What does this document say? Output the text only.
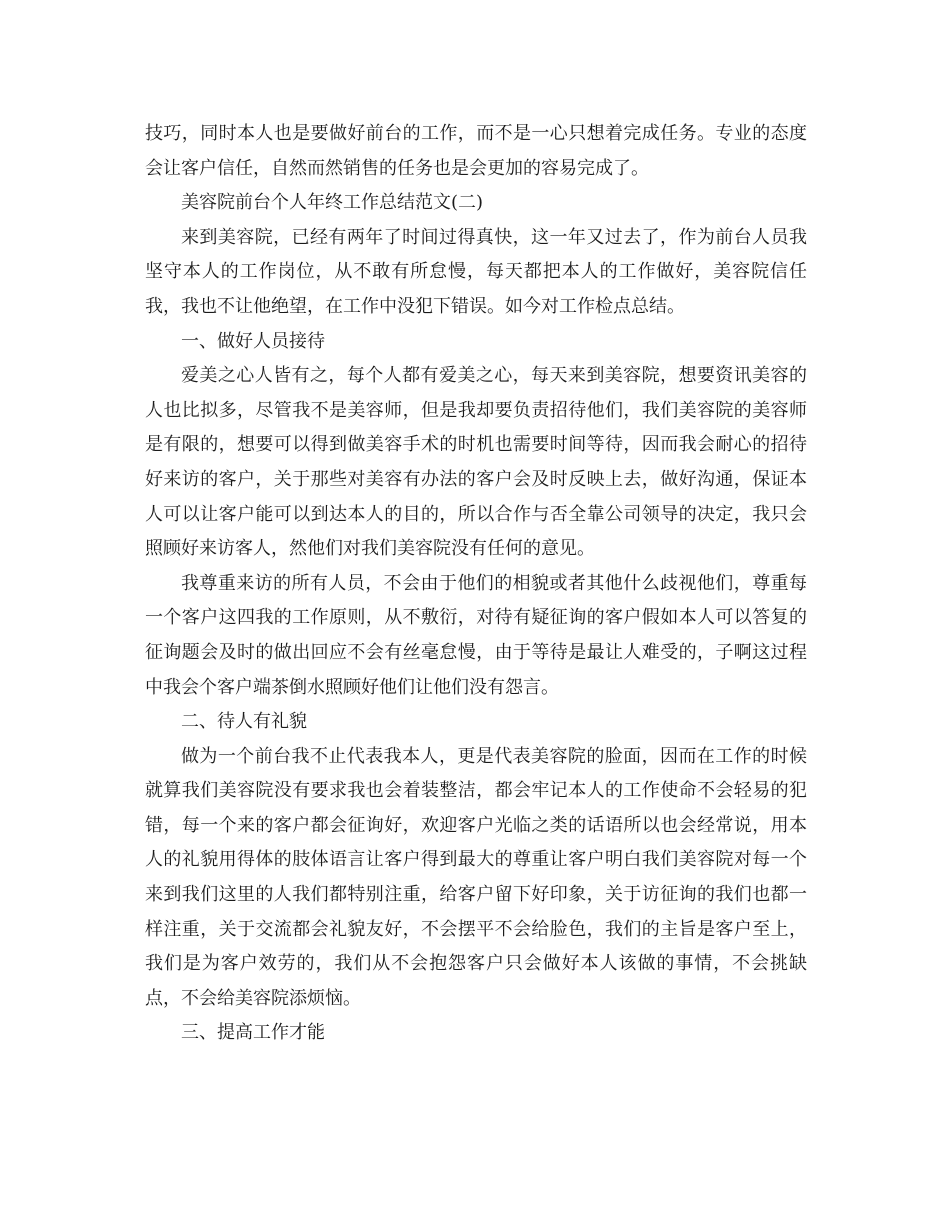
技巧，同时本人也是要做好前台的工作，而不是一心只想着完成任务。专业的态度会让客户信任，自然而然销售的任务也是会更加的容易完成了。

美容院前台个人年终工作总结范文(二)

来到美容院，已经有两年了时间过得真快，这一年又过去了，作为前台人员我坚守本人的工作岗位，从不敢有所怠慢，每天都把本人的工作做好，美容院信任我，我也不让他绝望，在工作中没犯下错误。如今对工作检点总结。

一、做好人员接待

爱美之心人皆有之，每个人都有爱美之心，每天来到美容院，想要资讯美容的人也比拟多，尽管我不是美容师，但是我却要负责招待他们，我们美容院的美容师是有限的，想要可以得到做美容手术的时机也需要时间等待，因而我会耐心的招待好来访的客户，关于那些对美容有办法的客户会及时反映上去，做好沟通，保证本人可以让客户能可以到达本人的目的，所以合作与否全靠公司领导的决定，我只会照顾好来访客人，然他们对我们美容院没有任何的意见。

我尊重来访的所有人员，不会由于他们的相貌或者其他什么歧视他们，尊重每一个客户这四我的工作原则，从不敷衍，对待有疑征询的客户假如本人可以答复的征询题会及时的做出回应不会有丝毫怠慢，由于等待是最让人难受的，子啊这过程中我会个客户端茶倒水照顾好他们让他们没有怨言。

二、待人有礼貌

做为一个前台我不止代表我本人，更是代表美容院的脸面，因而在工作的时候就算我们美容院没有要求我也会着装整洁，都会牢记本人的工作使命不会轻易的犯错，每一个来的客户都会征询好，欢迎客户光临之类的话语所以也会经常说，用本人的礼貌用得体的肢体语言让客户得到最大的尊重让客户明白我们美容院对每一个来到我们这里的人我们都特别注重，给客户留下好印象，关于访征询的我们也都一样注重，关于交流都会礼貌友好，不会摆平不会给脸色，我们的主旨是客户至上，我们是为客户效劳的，我们从不会抱怨客户只会做好本人该做的事情，不会挑缺点，不会给美容院添烦恼。

三、提高工作才能
